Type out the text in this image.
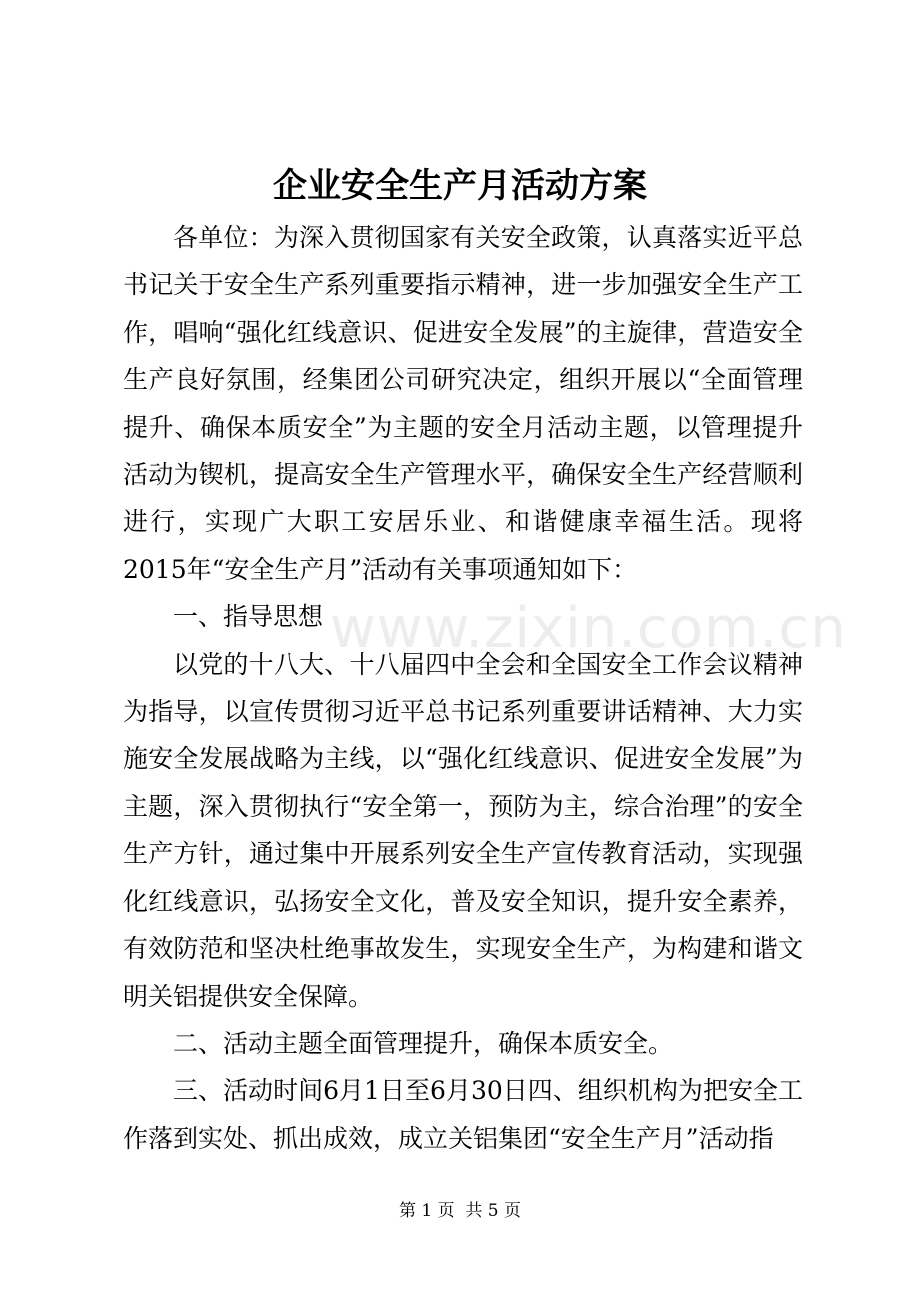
www.zixin.com.cn
企业安全生产月活动方案

各单位：为深入贯彻国家有关安全政策，认真落实近平总书记关于安全生产系列重要指示精神，进一步加强安全生产工作，唱响“强化红线意识、促进安全发展”的主旋律，营造安全生产良好氛围，经集团公司研究决定，组织开展以“全面管理提升、确保本质安全”为主题的安全月活动主题，以管理提升活动为锲机，提高安全生产管理水平，确保安全生产经营顺利进行，实现广大职工安居乐业、和谐健康幸福生活。现将2015年“安全生产月”活动有关事项通知如下：

一、指导思想

以党的十八大、十八届四中全会和全国安全工作会议精神为指导，以宣传贯彻习近平总书记系列重要讲话精神、大力实施安全发展战略为主线，以“强化红线意识、促进安全发展”为主题，深入贯彻执行“安全第一，预防为主，综合治理”的安全生产方针，通过集中开展系列安全生产宣传教育活动，实现强化红线意识，弘扬安全文化，普及安全知识，提升安全素养，有效防范和坚决杜绝事故发生，实现安全生产，为构建和谐文明关铝提供安全保障。

二、活动主题全面管理提升，确保本质安全。

三、活动时间6月1日至6月30日四、组织机构为把安全工作落到实处、抓出成效，成立关铝集团“安全生产月”活动指

第 1 页 共 5 页
